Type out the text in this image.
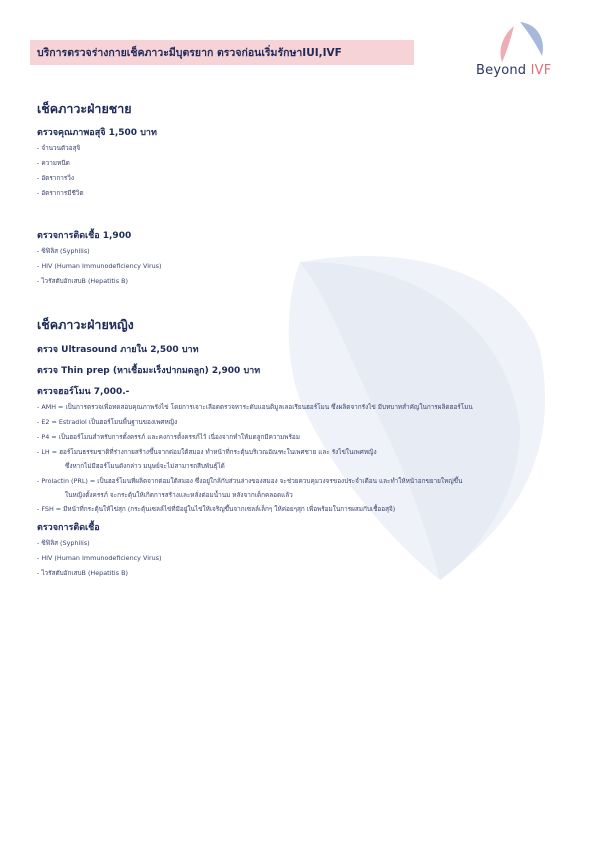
บริการตรวจร่างกายเช็คภาวะมีบุตรยาก ตรวจก่อนเริ่มรักษาIUI,IVF
Beyond IVF
เช็คภาวะฝ่ายชาย
ตรวจคุณภาพอสุจิ 1,500 บาท
- จำนวนตัวอสุจิ
- ความหนืด
- อัตราการวิ่ง
- อัตราการมีชีวิต
ตรวจการติดเชื้อ 1,900
- ซิฟิลิส (Syphilis)
- HIV (Human Immunodeficiency Virus)
- ไวรัสตับอักเสบB (Hepatitis B)
เช็คภาวะฝ่ายหญิง
ตรวจ Ultrasound ภายใน 2,500 บาท
ตรวจ Thin prep (หาเชื้อมะเร็งปากมดลูก) 2,900 บาท
ตรวจฮอร์โมน 7,000.-
- AMH = เป็นการตรวจเพื่อทดสอบคุณภาพรังไข่ โดยการเจาะเลือดตรวจหาระดับแอนติมูลเลอเรียนฮอร์โมน ซึ่งผลิตจากรังไข่ มีบทบาทสำคัญในการผลิตฮอร์โมน
- E2 = Estradiol เป็นฮอร์โมนพื้นฐานของเพศหญิง
- P4 = เป็นฮอร์โมนสำหรับการตั้งครรภ์ และคงการตั้งครรภ์ไว้ เนื่องจากทำให้มดลูกมีความพร้อม
- LH = ฮอร์โมนธรรมชาติที่ร่างกายสร้างขึ้นจากต่อมใต้สมอง ทำหน้าที่กระตุ้นบริเวณอัณฑะในเพศชาย และ รังไข่ในเพศหญิง
ซึ่งหากไม่มีฮอร์โมนดังกล่าว มนุษย์จะไม่สามารถสืบพันธุ์ได้
- Prolactin (PRL) = เป็นฮอร์โมนที่ผลิตจากต่อมใต้สมอง ซึ่งอยู่ใกล้กับส่วนล่างของสมอง จะช่วยควบคุมวงจรของประจำเดือน และทำให้หน้าอกขยายใหญ่ขึ้น
ในหญิงตั้งครรภ์ จะกระตุ้นให้เกิดการสร้างและหลั่งต่อมน้ำนม หลังจากเด็กคลอดแล้ว
- FSH = มีหน้าที่กระตุ้นให้ไข่สุก (กระตุ้นเซลล์ไข่ที่มีอยู่ในไข่ให้เจริญขึ้นจากเซลล์เล็กๆ ให้ค่อยๆสุก เพื่อพร้อมในการผสมกับเชื้ออสุจิ)
ตรวจการติดเชื้อ
- ซิฟิลิส (Syphilis)
- HIV (Human Immunodeficiency Virus)
- ไวรัสตับอักเสบB (Hepatitis B)
